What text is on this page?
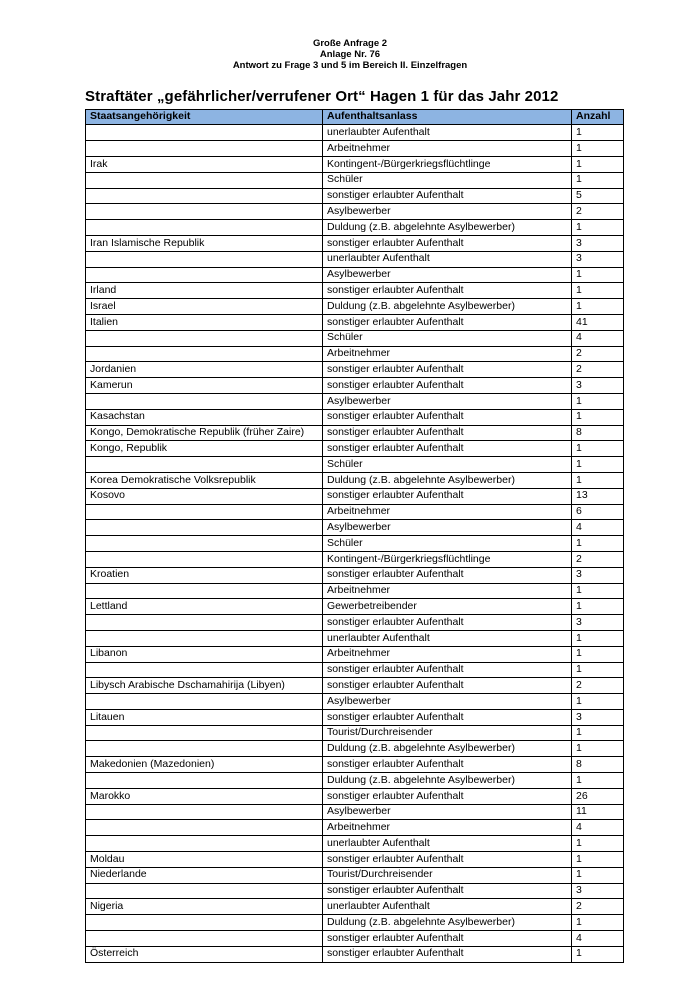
Große Anfrage 2
Anlage Nr. 76
Antwort zu Frage 3 und 5 im Bereich II. Einzelfragen
Straftäter „gefährlicher/verrufener Ort“ Hagen 1 für das Jahr 2012
Staatsangehörigkeit	Aufenthaltsanlass	Anzahl
	unerlaubter Aufenthalt	1
	Arbeitnehmer	1
Irak	Kontingent-/Bürgerkriegsflüchtlinge	1
	Schüler	1
	sonstiger erlaubter Aufenthalt	5
	Asylbewerber	2
	Duldung (z.B. abgelehnte Asylbewerber)	1
Iran Islamische Republik	sonstiger erlaubter Aufenthalt	3
	unerlaubter Aufenthalt	3
	Asylbewerber	1
Irland	sonstiger erlaubter Aufenthalt	1
Israel	Duldung (z.B. abgelehnte Asylbewerber)	1
Italien	sonstiger erlaubter Aufenthalt	41
	Schüler	4
	Arbeitnehmer	2
Jordanien	sonstiger erlaubter Aufenthalt	2
Kamerun	sonstiger erlaubter Aufenthalt	3
	Asylbewerber	1
Kasachstan	sonstiger erlaubter Aufenthalt	1
Kongo, Demokratische Republik (früher Zaire)	sonstiger erlaubter Aufenthalt	8
Kongo, Republik	sonstiger erlaubter Aufenthalt	1
	Schüler	1
Korea Demokratische Volksrepublik	Duldung (z.B. abgelehnte Asylbewerber)	1
Kosovo	sonstiger erlaubter Aufenthalt	13
	Arbeitnehmer	6
	Asylbewerber	4
	Schüler	1
	Kontingent-/Bürgerkriegsflüchtlinge	2
Kroatien	sonstiger erlaubter Aufenthalt	3
	Arbeitnehmer	1
Lettland	Gewerbetreibender	1
	sonstiger erlaubter Aufenthalt	3
	unerlaubter Aufenthalt	1
Libanon	Arbeitnehmer	1
	sonstiger erlaubter Aufenthalt	1
Libysch Arabische Dschamahirija (Libyen)	sonstiger erlaubter Aufenthalt	2
	Asylbewerber	1
Litauen	sonstiger erlaubter Aufenthalt	3
	Tourist/Durchreisender	1
	Duldung (z.B. abgelehnte Asylbewerber)	1
Makedonien (Mazedonien)	sonstiger erlaubter Aufenthalt	8
	Duldung (z.B. abgelehnte Asylbewerber)	1
Marokko	sonstiger erlaubter Aufenthalt	26
	Asylbewerber	11
	Arbeitnehmer	4
	unerlaubter Aufenthalt	1
Moldau	sonstiger erlaubter Aufenthalt	1
Niederlande	Tourist/Durchreisender	1
	sonstiger erlaubter Aufenthalt	3
Nigeria	unerlaubter Aufenthalt	2
	Duldung (z.B. abgelehnte Asylbewerber)	1
	sonstiger erlaubter Aufenthalt	4
Österreich	sonstiger erlaubter Aufenthalt	1
